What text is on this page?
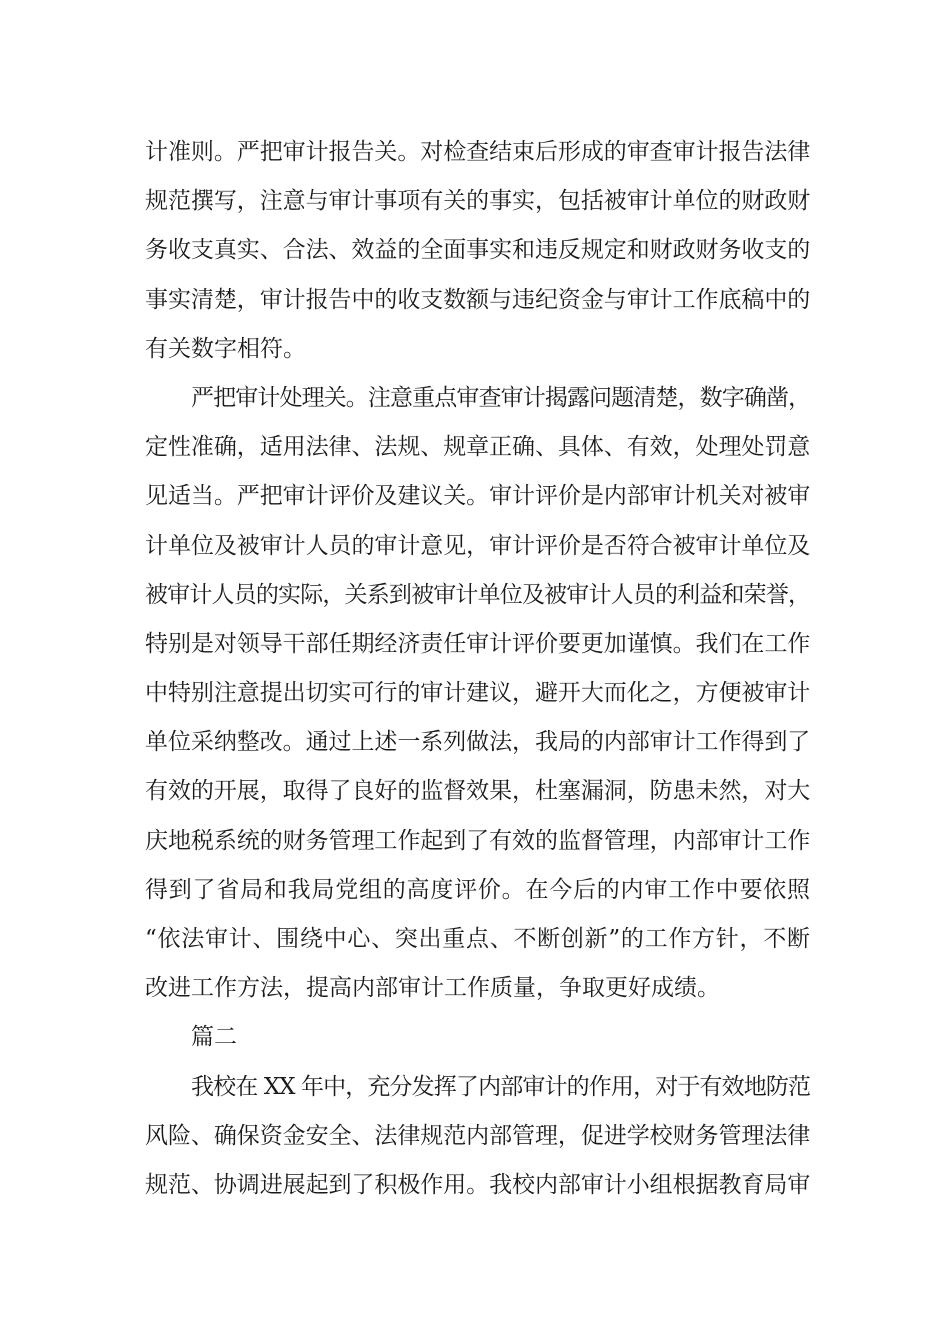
计准则。严把审计报告关。对检查结束后形成的审查审计报告法律
规范撰写，注意与审计事项有关的事实，包括被审计单位的财政财
务收支真实、合法、效益的全面事实和违反规定和财政财务收支的
事实清楚，审计报告中的收支数额与违纪资金与审计工作底稿中的
有关数字相符。
严把审计处理关。注意重点审查审计揭露问题清楚，数字确凿，
定性准确，适用法律、法规、规章正确、具体、有效，处理处罚意
见适当。严把审计评价及建议关。审计评价是内部审计机关对被审
计单位及被审计人员的审计意见，审计评价是否符合被审计单位及
被审计人员的实际，关系到被审计单位及被审计人员的利益和荣誉，
特别是对领导干部任期经济责任审计评价要更加谨慎。我们在工作
中特别注意提出切实可行的审计建议，避开大而化之，方便被审计
单位采纳整改。通过上述一系列做法，我局的内部审计工作得到了
有效的开展，取得了良好的监督效果，杜塞漏洞，防患未然，对大
庆地税系统的财务管理工作起到了有效的监督管理，内部审计工作
得到了省局和我局党组的高度评价。在今后的内审工作中要依照
“依法审计、围绕中心、突出重点、不断创新”的工作方针，不断
改进工作方法，提高内部审计工作质量，争取更好成绩。
篇二
我校在 XX 年中，充分发挥了内部审计的作用，对于有效地防范
风险、确保资金安全、法律规范内部管理，促进学校财务管理法律
规范、协调进展起到了积极作用。我校内部审计小组根据教育局审
